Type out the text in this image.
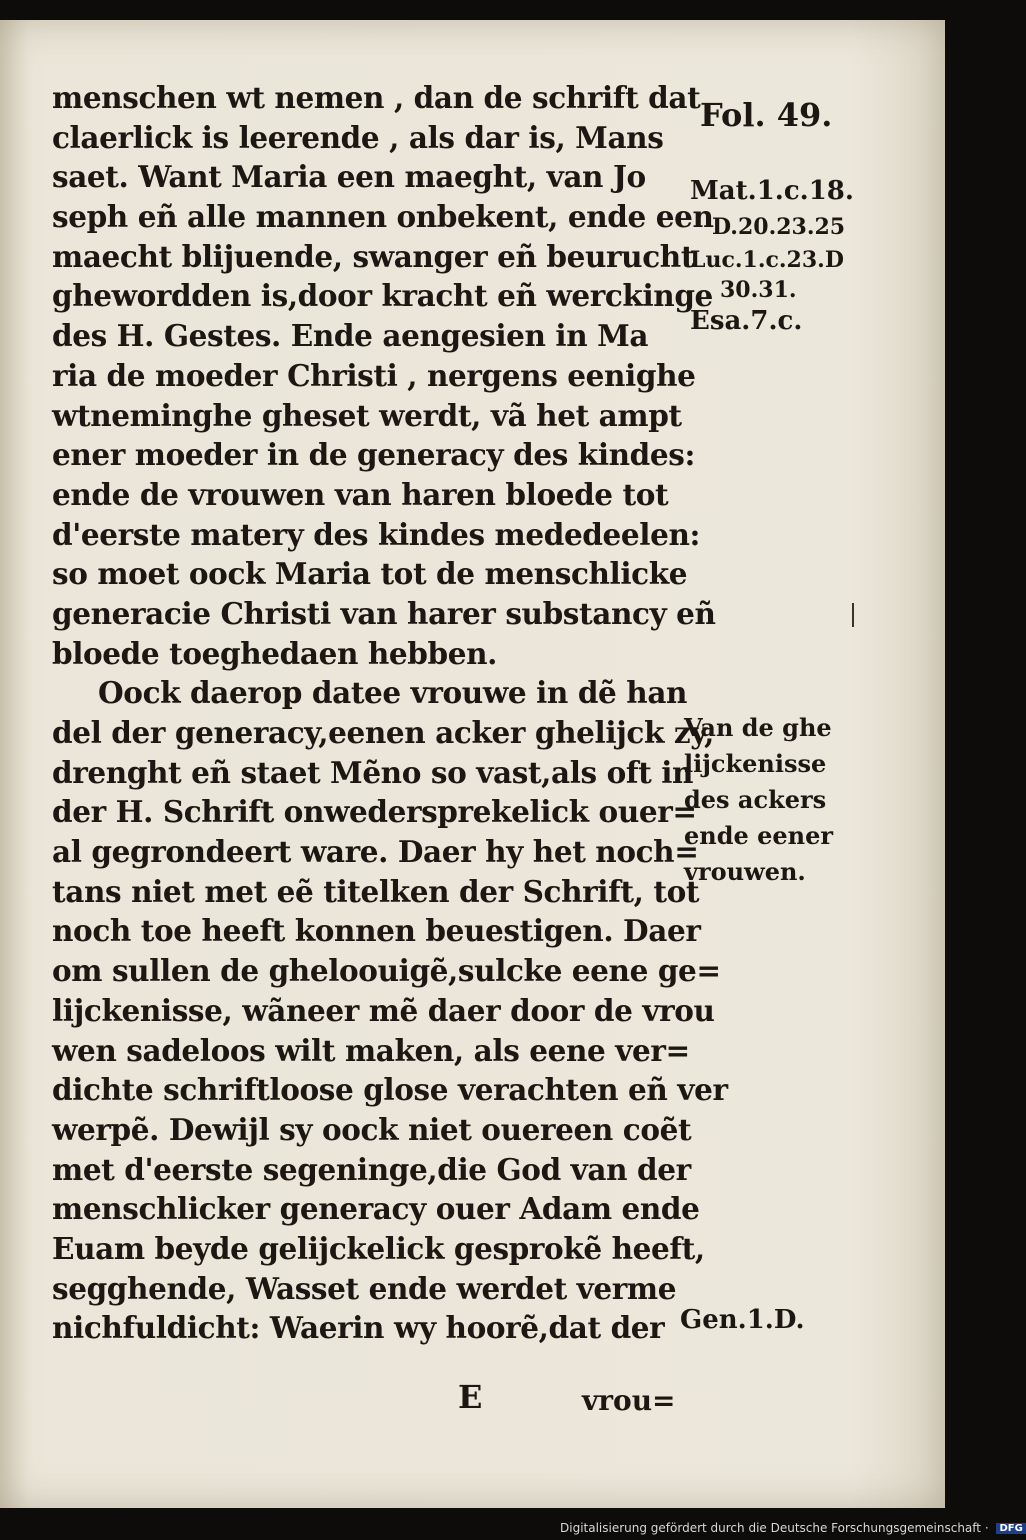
Fol. 49.
menschen wt nemen , dan de schrift dat
claerlick is leerende , als dar is, Mans
saet. Want Maria een maeght, van Jo
seph eñ alle mannen onbekent, ende een
maecht blijuende, swanger eñ beurucht
ghewordden is,door kracht eñ werckinge
des H. Gestes. Ende aengesien in Ma
ria de moeder Christi , nergens eenighe
wtneminghe gheset werdt, vã het ampt
ener moeder in de generacy des kindes:
ende de vrouwen van haren bloede tot
d'eerste matery des kindes mededeelen:
so moet oock Maria tot de menschlicke
generacie Christi van harer substancy eñ
bloede toeghedaen hebben.
Oock daerop datee vrouwe in dẽ han
del der generacy,eenen acker ghelijck zy,
drenght eñ staet Mẽno so vast,als oft in
der H. Schrift onwedersprekelick ouer=
al gegrondeert ware. Daer hy het noch=
tans niet met eẽ titelken der Schrift, tot
noch toe heeft konnen beuestigen. Daer
om sullen de gheloouigẽ,sulcke eene ge=
lijckenisse, wãneer mẽ daer door de vrou
wen sadeloos wilt maken, als eene ver=
dichte schriftloose glose verachten eñ ver
werpẽ. Dewijl sy oock niet ouereen coẽt
met d'eerste segeninge,die God van der
menschlicker generacy ouer Adam ende
Euam beyde gelijckelick gesprokẽ heeft,
segghende, Wasset ende werdet verme
nichfuldicht: Waerin wy hoorẽ,dat der
Mat.1.c.18.
D.20.23.25
Luc.1.c.23.D
30.31.
Esa.7.c.
Van de ghe
lijckenisse
des ackers
ende eener
vrouwen.
Gen.1.D.
E	vrou=
Digitalisierung gefördert durch die Deutsche Forschungsgemeinschaft · DFG
